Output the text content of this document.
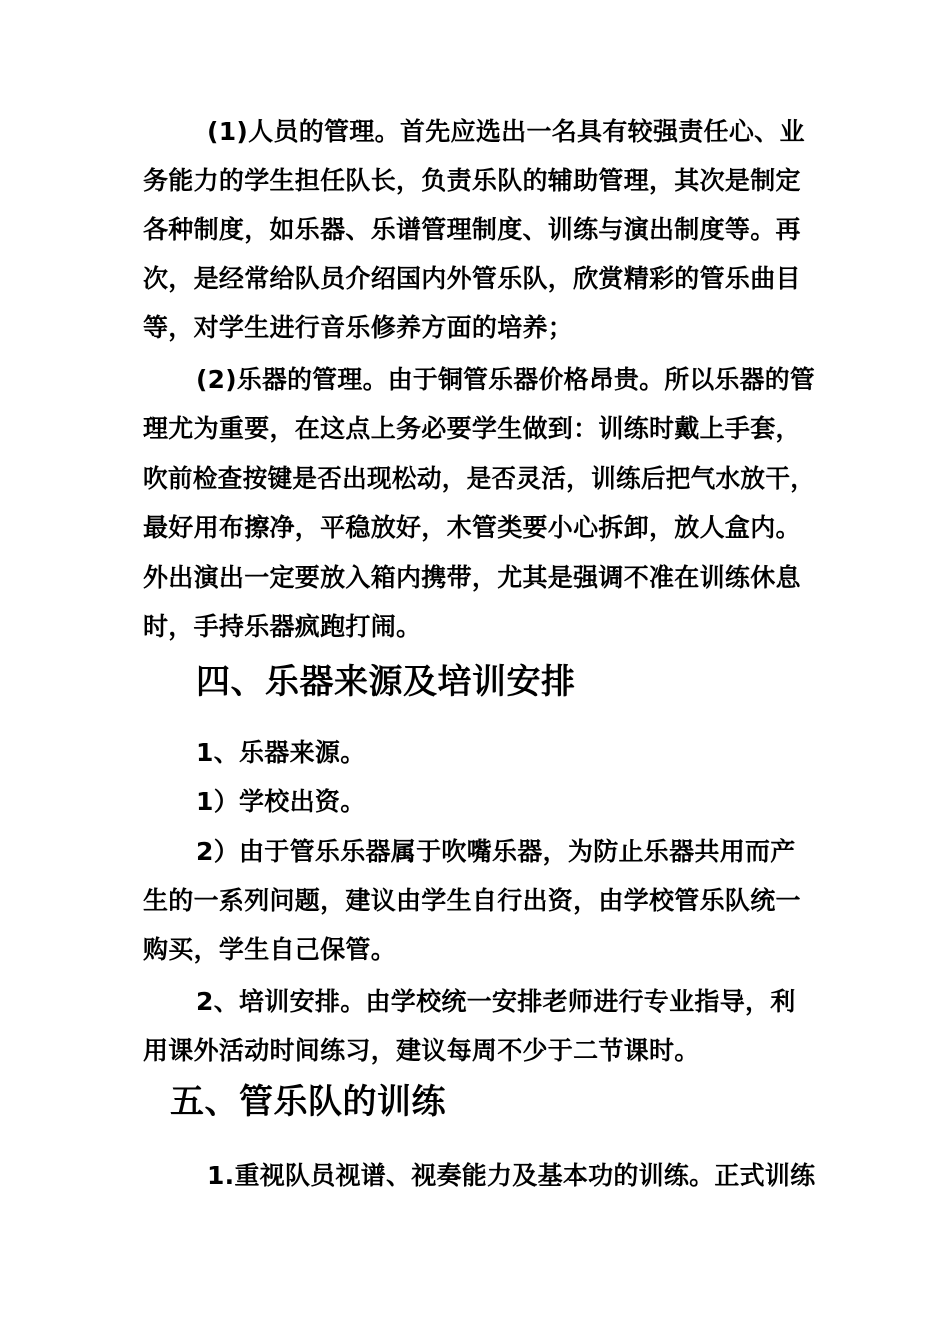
(1)人员的管理。首先应选出一名具有较强责任心、业
务能力的学生担任队长，负责乐队的辅助管理，其次是制定
各种制度，如乐器、乐谱管理制度、训练与演出制度等。再
次，是经常给队员介绍国内外管乐队，欣赏精彩的管乐曲目
等，对学生进行音乐修养方面的培养；
(2)乐器的管理。由于铜管乐器价格昂贵。所以乐器的管
理尤为重要，在这点上务必要学生做到：训练时戴上手套，
吹前检查按键是否出现松动，是否灵活，训练后把气水放干，
最好用布擦净，平稳放好，木管类要小心拆卸，放人盒内。
外出演出一定要放入箱内携带，尤其是强调不准在训练休息
时，手持乐器疯跑打闹。
四、乐器来源及培训安排
1、乐器来源。
1）学校出资。
2）由于管乐乐器属于吹嘴乐器，为防止乐器共用而产
生的一系列问题，建议由学生自行出资，由学校管乐队统一
购买，学生自己保管。
2、培训安排。由学校统一安排老师进行专业指导，利
用课外活动时间练习，建议每周不少于二节课时。
五、管乐队的训练
1.重视队员视谱、视奏能力及基本功的训练。正式训练
